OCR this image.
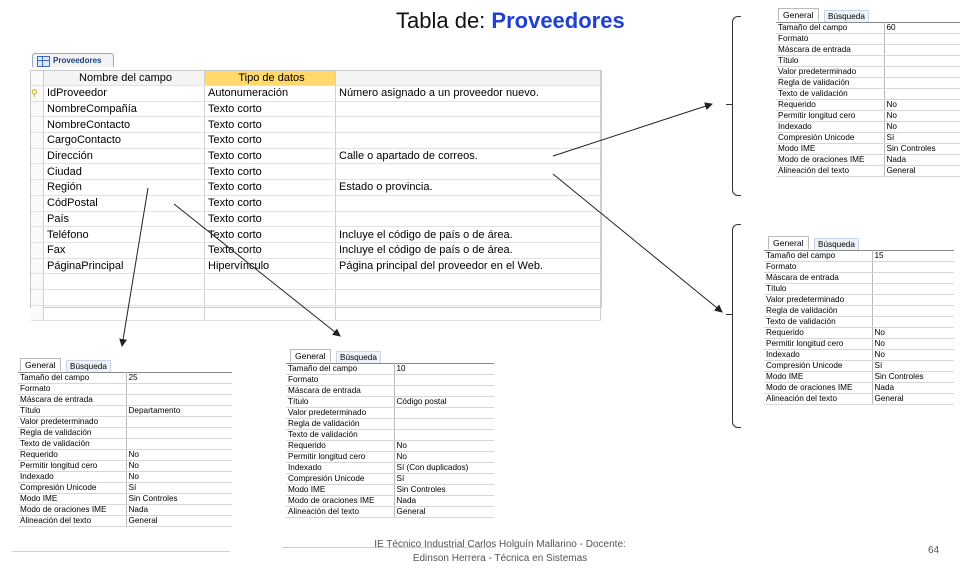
Tabla de: Proveedores
Proveedores
	Nombre del campo	Tipo de datos	
⚲	IdProveedor	Autonumeración	Número asignado a un proveedor nuevo.
	NombreCompañía	Texto corto	
	NombreContacto	Texto corto	
	CargoContacto	Texto corto	
	Dirección	Texto corto	Calle o apartado de correos.
	Ciudad	Texto corto	
	Región	Texto corto	Estado o provincia.
	CódPostal	Texto corto	
	País	Texto corto	
	Teléfono	Texto corto	Incluye el código de país o de área.
	Fax	Texto corto	Incluye el código de país o de área.
	PáginaPrincipal	Hipervínculo	Página principal del proveedor en el Web.

General	Búsqueda
Tamaño del campo	60
Formato	
Máscara de entrada	
Título	
Valor predeterminado	
Regla de validación	
Texto de validación	
Requerido	No
Permitir longitud cero	No
Indexado	No
Compresión Unicode	Sí
Modo IME	Sin Controles
Modo de oraciones IME	Nada
Alineación del texto	General
General	Búsqueda
Tamaño del campo	15
Formato	
Máscara de entrada	
Título	
Valor predeterminado	
Regla de validación	
Texto de validación	
Requerido	No
Permitir longitud cero	No
Indexado	No
Compresión Unicode	Sí
Modo IME	Sin Controles
Modo de oraciones IME	Nada
Alineación del texto	General
General	Búsqueda
Tamaño del campo	25
Formato	
Máscara de entrada	
Título	Departamento
Valor predeterminado	
Regla de validación	
Texto de validación	
Requerido	No
Permitir longitud cero	No
Indexado	No
Compresión Unicode	Sí
Modo IME	Sin Controles
Modo de oraciones IME	Nada
Alineación del texto	General
General	Búsqueda
Tamaño del campo	10
Formato	
Máscara de entrada	
Título	Código postal
Valor predeterminado	
Regla de validación	
Texto de validación	
Requerido	No
Permitir longitud cero	No
Indexado	Sí (Con duplicados)
Compresión Unicode	Sí
Modo IME	Sin Controles
Modo de oraciones IME	Nada
Alineación del texto	General
IE Técnico Industrial Carlos Holguín Mallarino - Docente:
Edinson Herrera - Técnica en Sistemas
64
